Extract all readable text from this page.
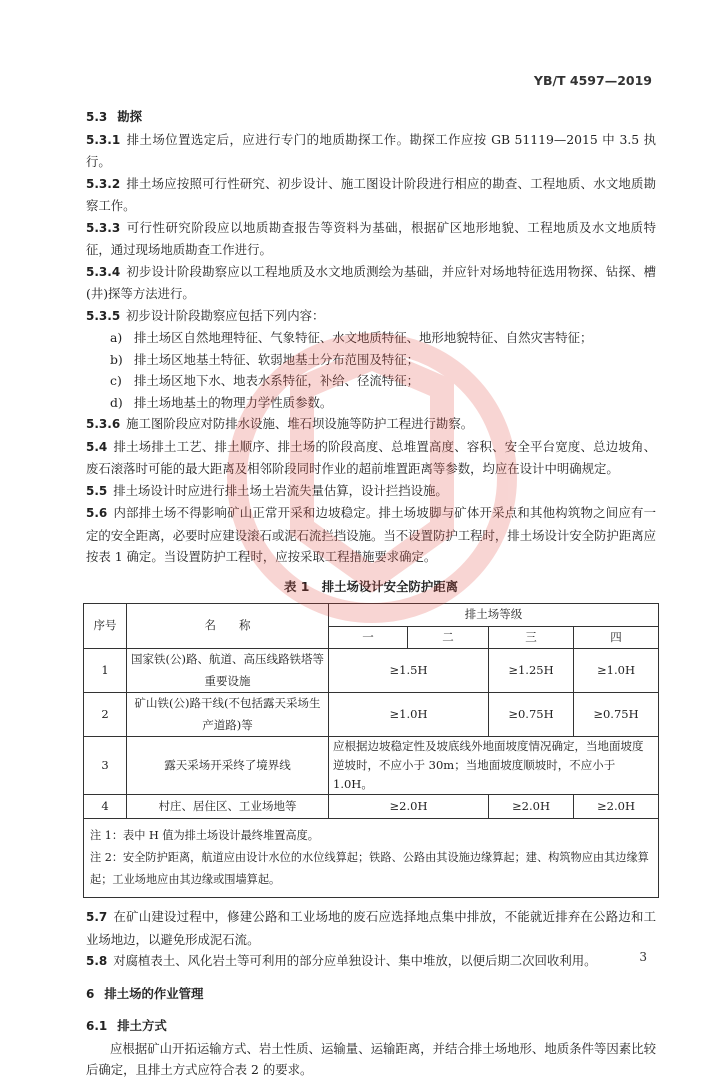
YB/T 4597—2019

5.3 勘探

5.3.1 排土场位置选定后，应进行专门的地质勘探工作。勘探工作应按 GB 51119—2015 中 3.5 执行。

5.3.2 排土场应按照可行性研究、初步设计、施工图设计阶段进行相应的勘查、工程地质、水文地质勘察工作。

5.3.3 可行性研究阶段应以地质勘查报告等资料为基础，根据矿区地形地貌、工程地质及水文地质特征，通过现场地质勘查工作进行。

5.3.4 初步设计阶段勘察应以工程地质及水文地质测绘为基础，并应针对场地特征选用物探、钻探、槽(井)探等方法进行。

5.3.5 初步设计阶段勘察应包括下列内容：

a) 排土场区自然地理特征、气象特征、水文地质特征、地形地貌特征、自然灾害特征；

b) 排土场区地基土特征、软弱地基土分布范围及特征；

c) 排土场区地下水、地表水系特征，补给、径流特征；

d) 排土场地基土的物理力学性质参数。

5.3.6 施工图阶段应对防排水设施、堆石坝设施等防护工程进行勘察。

5.4 排土场排土工艺、排土顺序、排土场的阶段高度、总堆置高度、容积、安全平台宽度、总边坡角、废石滚落时可能的最大距离及相邻阶段同时作业的超前堆置距离等参数，均应在设计中明确规定。

5.5 排土场设计时应进行排土场土岩流失量估算，设计拦挡设施。

5.6 内部排土场不得影响矿山正常开采和边坡稳定。排土场坡脚与矿体开采点和其他构筑物之间应有一定的安全距离，必要时应建设滚石或泥石流拦挡设施。当不设置防护工程时，排土场设计安全防护距离应按表 1 确定。当设置防护工程时，应按采取工程措施要求确定。

表 1　排土场设计安全防护距离
序号	名　　称	排土场等级			
		一	二	三	四
1	国家铁(公)路、航道、高压线路铁塔等重要设施	≥1.5H		≥1.25H	≥1.0H
2	矿山铁(公)路干线(不包括露天采场生产道路)等	≥1.0H		≥0.75H	≥0.75H
3	露天采场开采终了境界线	应根据边坡稳定性及坡底线外地面坡度情况确定，当地面坡度逆坡时，不应小于 30m；当地面坡度顺坡时，不应小于 1.0H。			
4	村庄、居住区、工业场地等	≥2.0H		≥2.0H	≥2.0H

注 1：表中 H 值为排土场设计最终堆置高度。
注 2：安全防护距离，航道应由设计水位的水位线算起；铁路、公路由其设施边缘算起；建、构筑物应由其边缘算起；工业场地应由其边缘或围墙算起。					

5.7 在矿山建设过程中，修建公路和工业场地的废石应选择地点集中排放，不能就近排弃在公路边和工业场地边，以避免形成泥石流。

5.8 对腐植表土、风化岩土等可利用的部分应单独设计、集中堆放，以便后期二次回收利用。

6 排土场的作业管理

6.1 排土方式

应根据矿山开拓运输方式、岩土性质、运输量、运输距离，并结合排土场地形、地质条件等因素比较后确定，且排土方式应符合表 2 的要求。

3
